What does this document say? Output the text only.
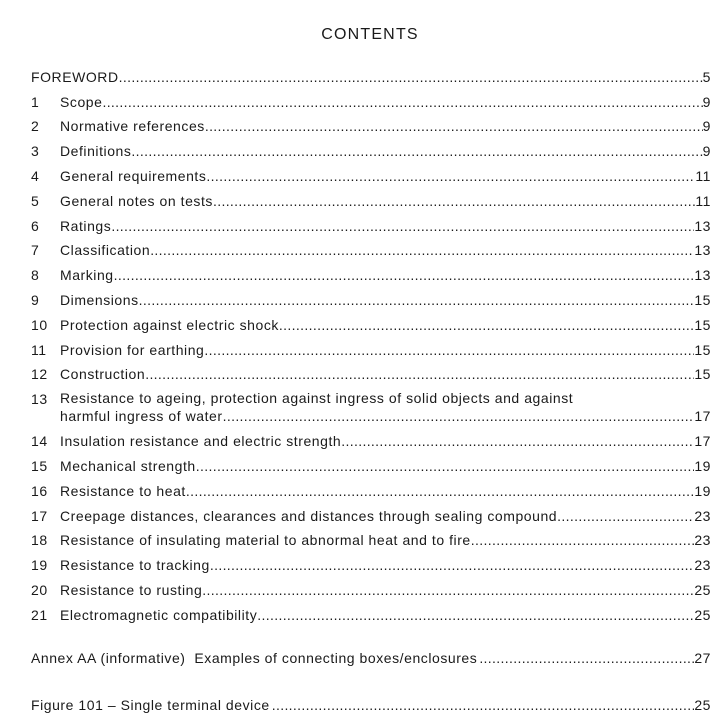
CONTENTS
FOREWORD .....	5
1	Scope .....	9
2	Normative references .....	9
3	Definitions .....	9
4	General requirements .....	11
5	General notes on tests .....	11
6	Ratings .....	13
7	Classification .....	13
8	Marking .....	13
9	Dimensions .....	15
10 Protection against electric shock .....	15
11 Provision for earthing .....	15
12 Construction .....	15
13 Resistance to ageing, protection against ingress of solid objects and against
harmful ingress of water .....	17
14 Insulation resistance and electric strength .....	17
15 Mechanical strength .....	19
16 Resistance to heat .....	19
17 Creepage distances, clearances and distances through sealing compound .....	23
18 Resistance of insulating material to abnormal heat and to fire .....	23
19 Resistance to tracking .....	23
20 Resistance to rusting .....	25
21 Electromagnetic compatibility .....	25
Annex AA (informative)  Examples of connecting boxes/enclosures .....	27
Figure 101 – Single terminal device .....	25
